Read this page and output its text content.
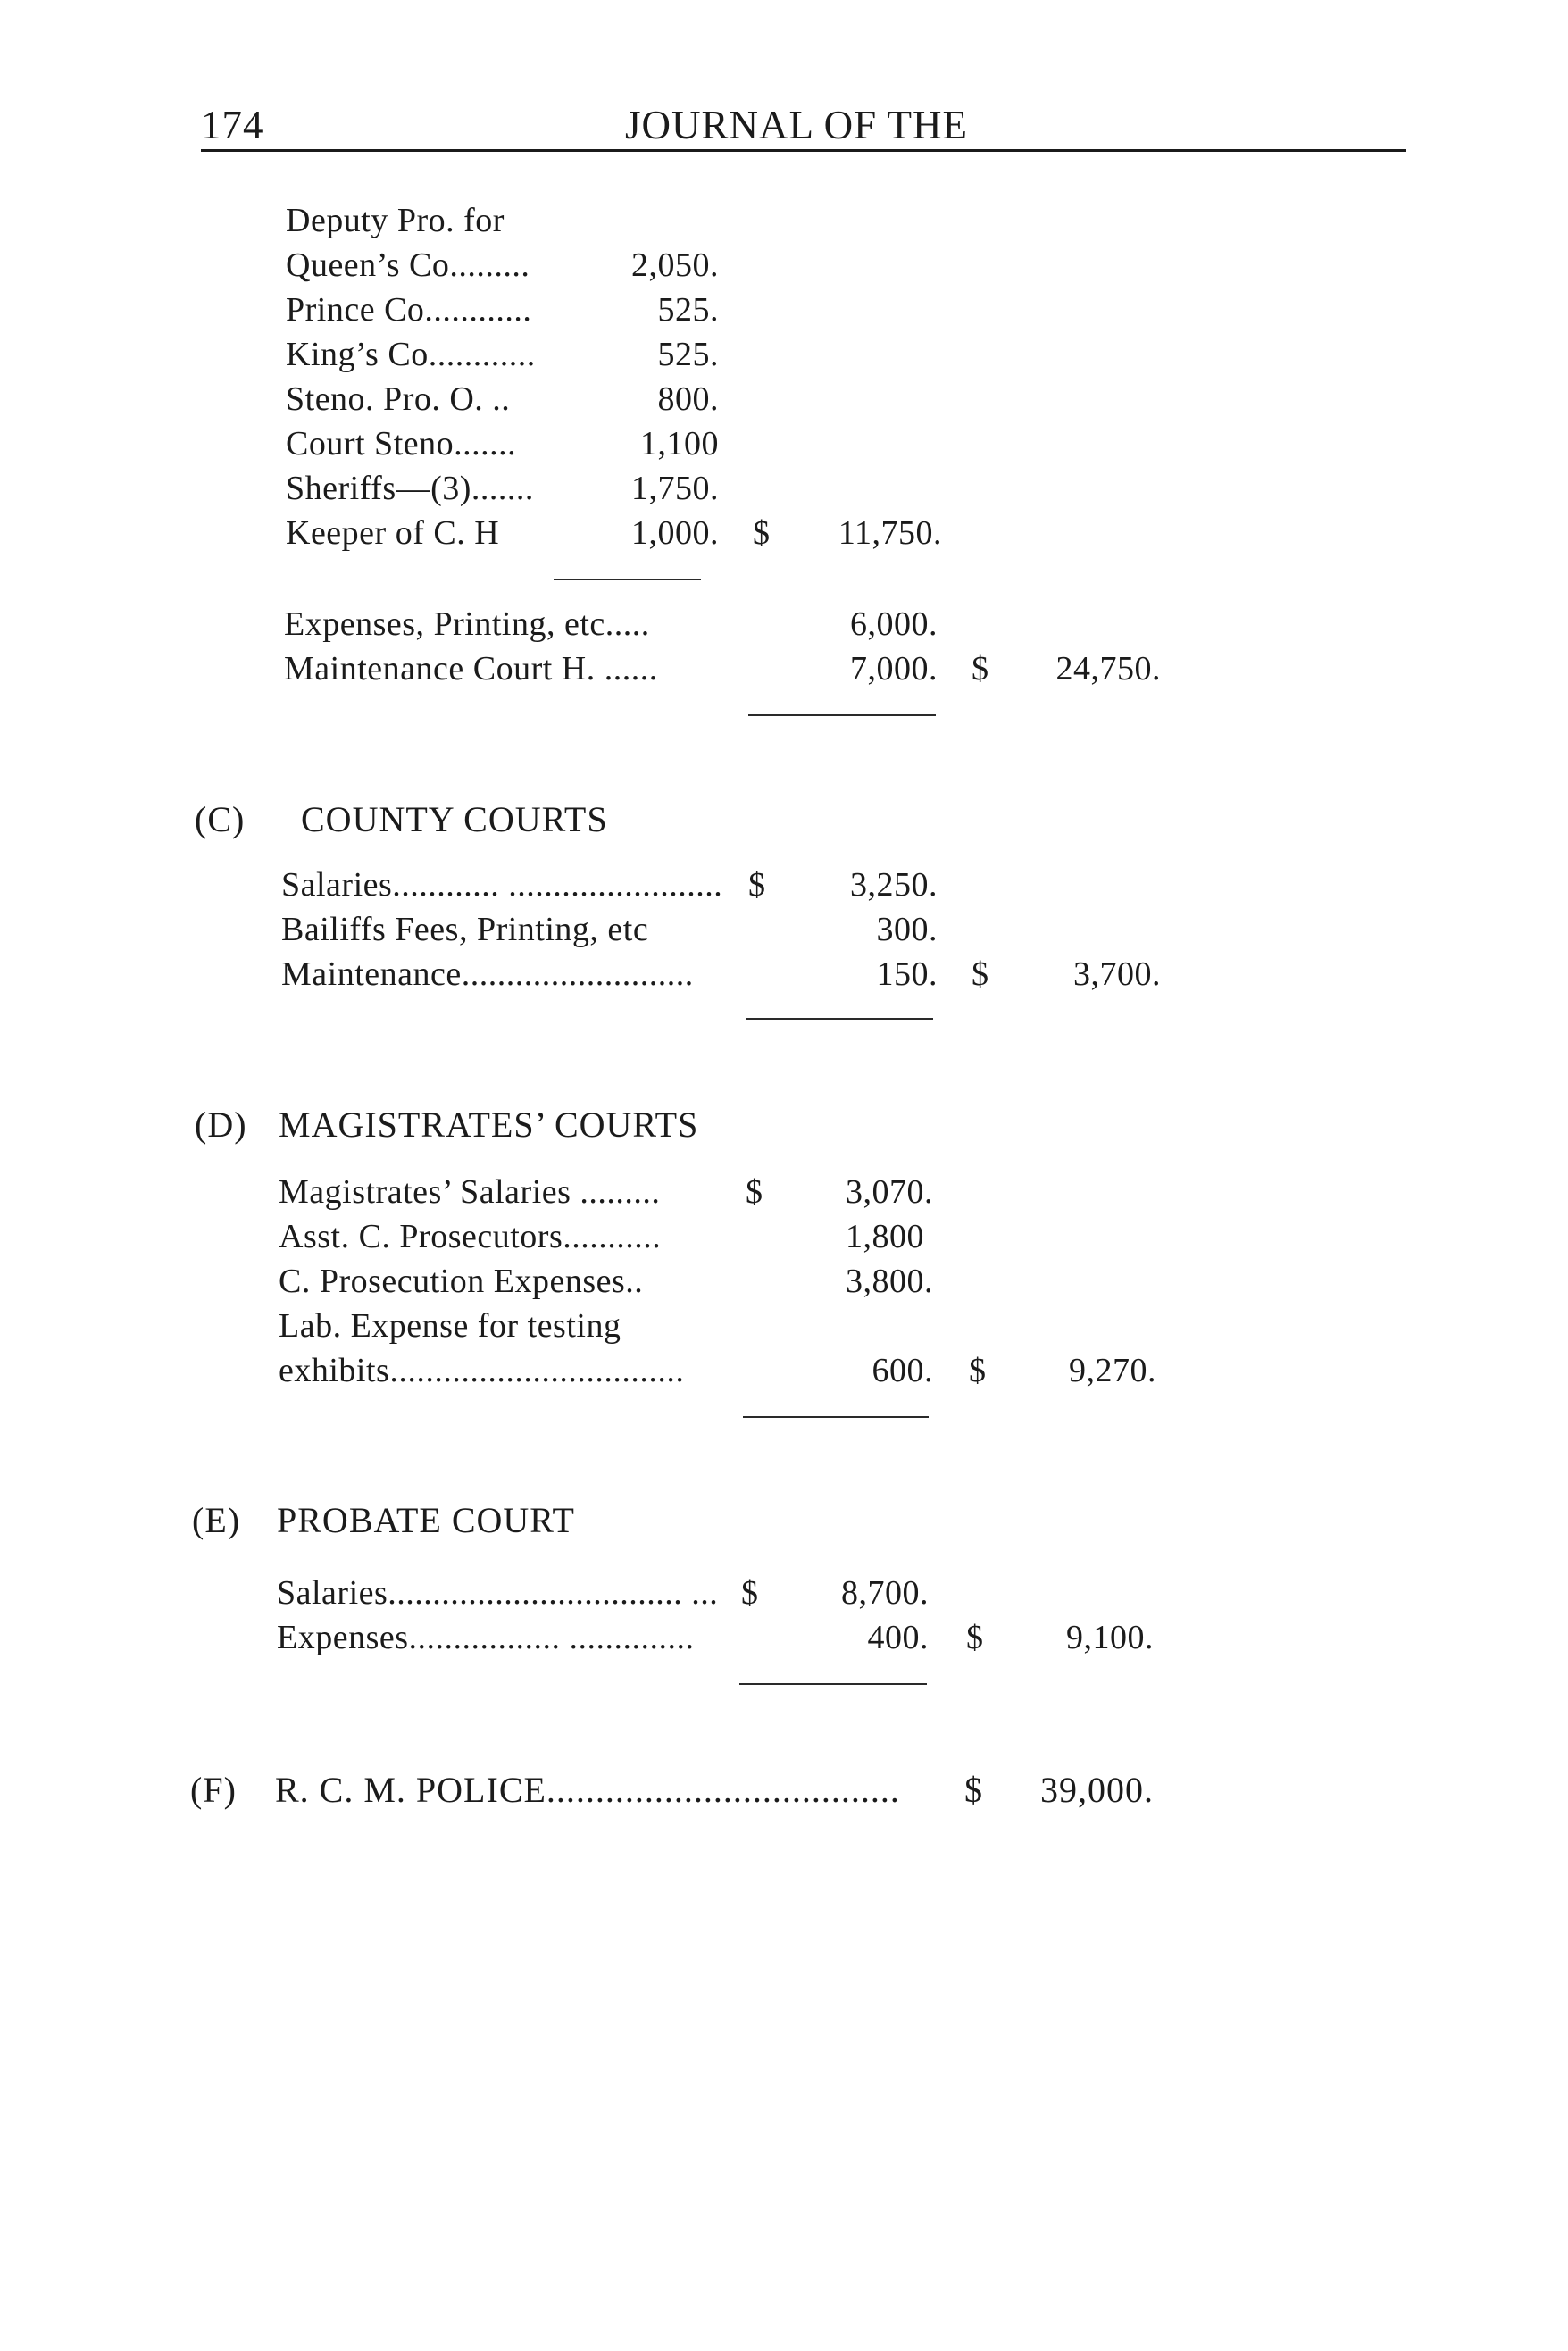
174	JOURNAL OF THE
Deputy Pro. for
Queen’s Co.........	2,050.
Prince Co............	525.
King’s Co............	525.
Steno. Pro. O. ..	800.
Court Steno.......	1,100
Sheriffs—(3).......	1,750.
Keeper of C. H	1,000. $	11,750.
Expenses, Printing, etc.....	6,000.
Maintenance Court H. ......	7,000. $	24,750.
(C) COUNTY COURTS
Salaries............ ........................ $	3,250.
Bailiffs Fees, Printing, etc	300.
Maintenance..........................	150. $	3,700.
(D) MAGISTRATES’ COURTS
Magistrates’ Salaries .........	$	3,070.
Asst. C. Prosecutors...........	1,800
C. Prosecution Expenses..	3,800.
Lab. Expense for testing
exhibits.................................	600. $	9,270.
(E) PROBATE COURT
Salaries................................. ... $	8,700.
Expenses................. ..............	400. $	9,100.
(F) R. C. M. POLICE.................................... $	39,000.
